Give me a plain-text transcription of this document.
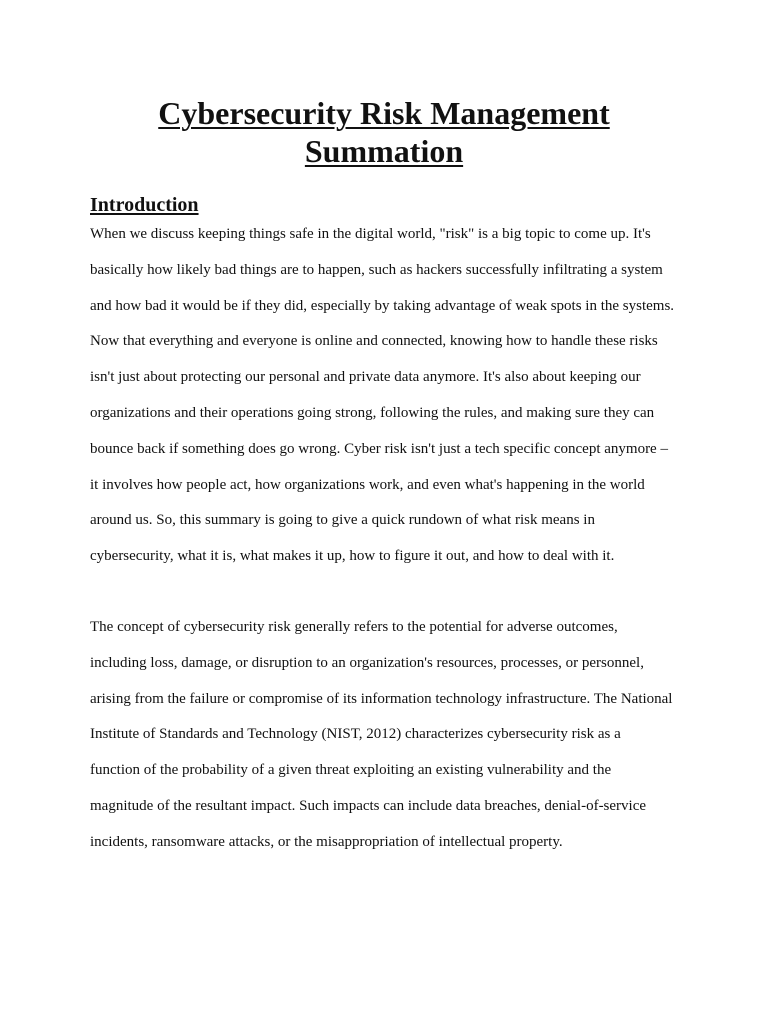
Cybersecurity Risk Management
Summation
Introduction
When we discuss keeping things safe in the digital world, "risk" is a big topic to come up. It's
basically how likely bad things are to happen, such as hackers successfully infiltrating a system
and how bad it would be if they did, especially by taking advantage of weak spots in the systems.
Now that everything and everyone is online and connected, knowing how to handle these risks
isn't just about protecting our personal and private data anymore. It's also about keeping our
organizations and their operations going strong, following the rules, and making sure they can
bounce back if something does go wrong. Cyber risk isn't just a tech specific concept anymore –
it involves how people act, how organizations work, and even what's happening in the world
around us. So, this summary is going to give a quick rundown of what risk means in
cybersecurity, what it is, what makes it up, how to figure it out, and how to deal with it.
The concept of cybersecurity risk generally refers to the potential for adverse outcomes,
including loss, damage, or disruption to an organization's resources, processes, or personnel,
arising from the failure or compromise of its information technology infrastructure. The National
Institute of Standards and Technology (NIST, 2012) characterizes cybersecurity risk as a
function of the probability of a given threat exploiting an existing vulnerability and the
magnitude of the resultant impact. Such impacts can include data breaches, denial-of-service
incidents, ransomware attacks, or the misappropriation of intellectual property.
